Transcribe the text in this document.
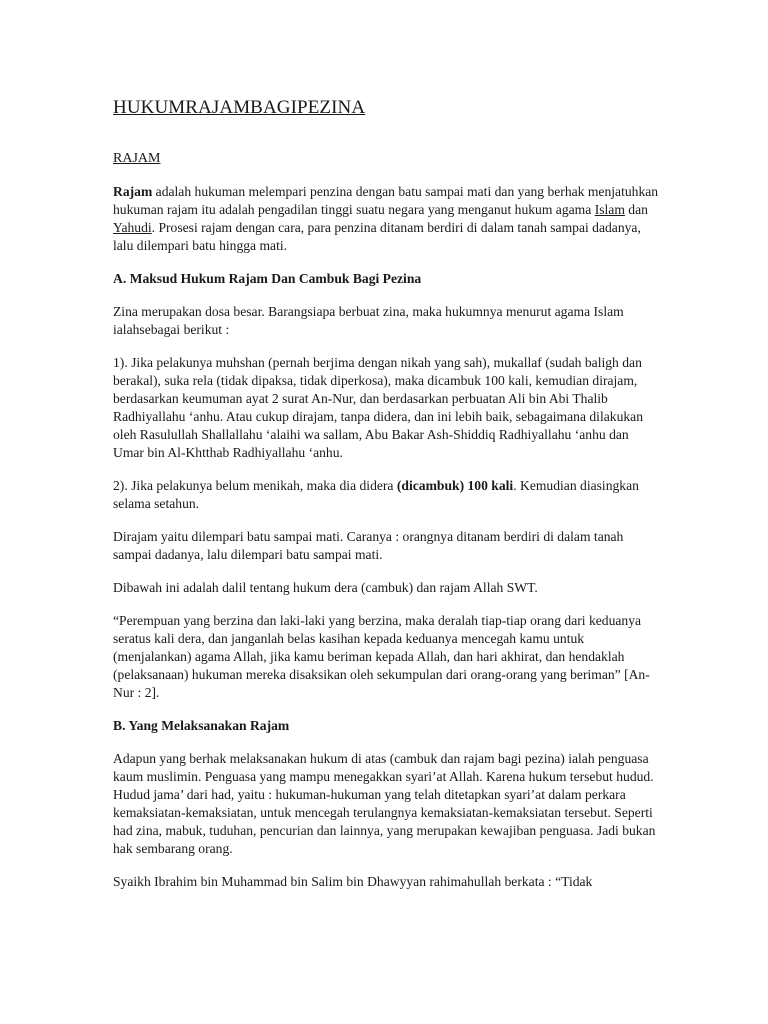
HUKUMRAJAMBAGIPEZINA
RAJAM

Rajam adalah hukuman melempari penzina dengan batu sampai mati dan yang berhak menjatuhkan hukuman rajam itu adalah pengadilan tinggi suatu negara yang menganut hukum agama Islam dan Yahudi. Prosesi rajam dengan cara, para penzina ditanam berdiri di dalam tanah sampai dadanya, lalu dilempari batu hingga mati.

A. Maksud Hukum Rajam Dan Cambuk Bagi Pezina

Zina merupakan dosa besar. Barangsiapa berbuat zina, maka hukumnya menurut agama Islam ialahsebagai berikut :

1). Jika pelakunya muhshan (pernah berjima dengan nikah yang sah), mukallaf (sudah baligh dan berakal), suka rela (tidak dipaksa, tidak diperkosa), maka dicambuk 100 kali, kemudian dirajam, berdasarkan keumuman ayat 2 surat An-Nur, dan berdasarkan perbuatan Ali bin Abi Thalib Radhiyallahu ‘anhu. Atau cukup dirajam, tanpa didera, dan ini lebih baik, sebagaimana dilakukan oleh Rasulullah Shallallahu ‘alaihi wa sallam, Abu Bakar Ash-Shiddiq Radhiyallahu ‘anhu dan Umar bin Al-Khtthab Radhiyallahu ‘anhu.

2). Jika pelakunya belum menikah, maka dia didera (dicambuk) 100 kali. Kemudian diasingkan selama setahun.

Dirajam yaitu dilempari batu sampai mati. Caranya : orangnya ditanam berdiri di dalam tanah sampai dadanya, lalu dilempari batu sampai mati.

Dibawah ini adalah dalil tentang hukum dera (cambuk) dan rajam Allah SWT.

“Perempuan yang berzina dan laki-laki yang berzina, maka deralah tiap-tiap orang dari keduanya seratus kali dera, dan janganlah belas kasihan kepada keduanya mencegah kamu untuk (menjalankan) agama Allah, jika kamu beriman kepada Allah, dan hari akhirat, dan hendaklah (pelaksanaan) hukuman mereka disaksikan oleh sekumpulan dari orang-orang yang beriman” [An-Nur : 2].

B. Yang Melaksanakan Rajam

Adapun yang berhak melaksanakan hukum di atas (cambuk dan rajam bagi pezina) ialah penguasa kaum muslimin. Penguasa yang mampu menegakkan syari’at Allah. Karena hukum tersebut hudud. Hudud jama’ dari had, yaitu : hukuman-hukuman yang telah ditetapkan syari’at dalam perkara kemaksiatan-kemaksiatan, untuk mencegah terulangnya kemaksiatan-kemaksiatan tersebut. Seperti had zina, mabuk, tuduhan, pencurian dan lainnya, yang merupakan kewajiban penguasa. Jadi bukan hak sembarang orang.

Syaikh Ibrahim bin Muhammad bin Salim bin Dhawyyan rahimahullah berkata : “Tidak
